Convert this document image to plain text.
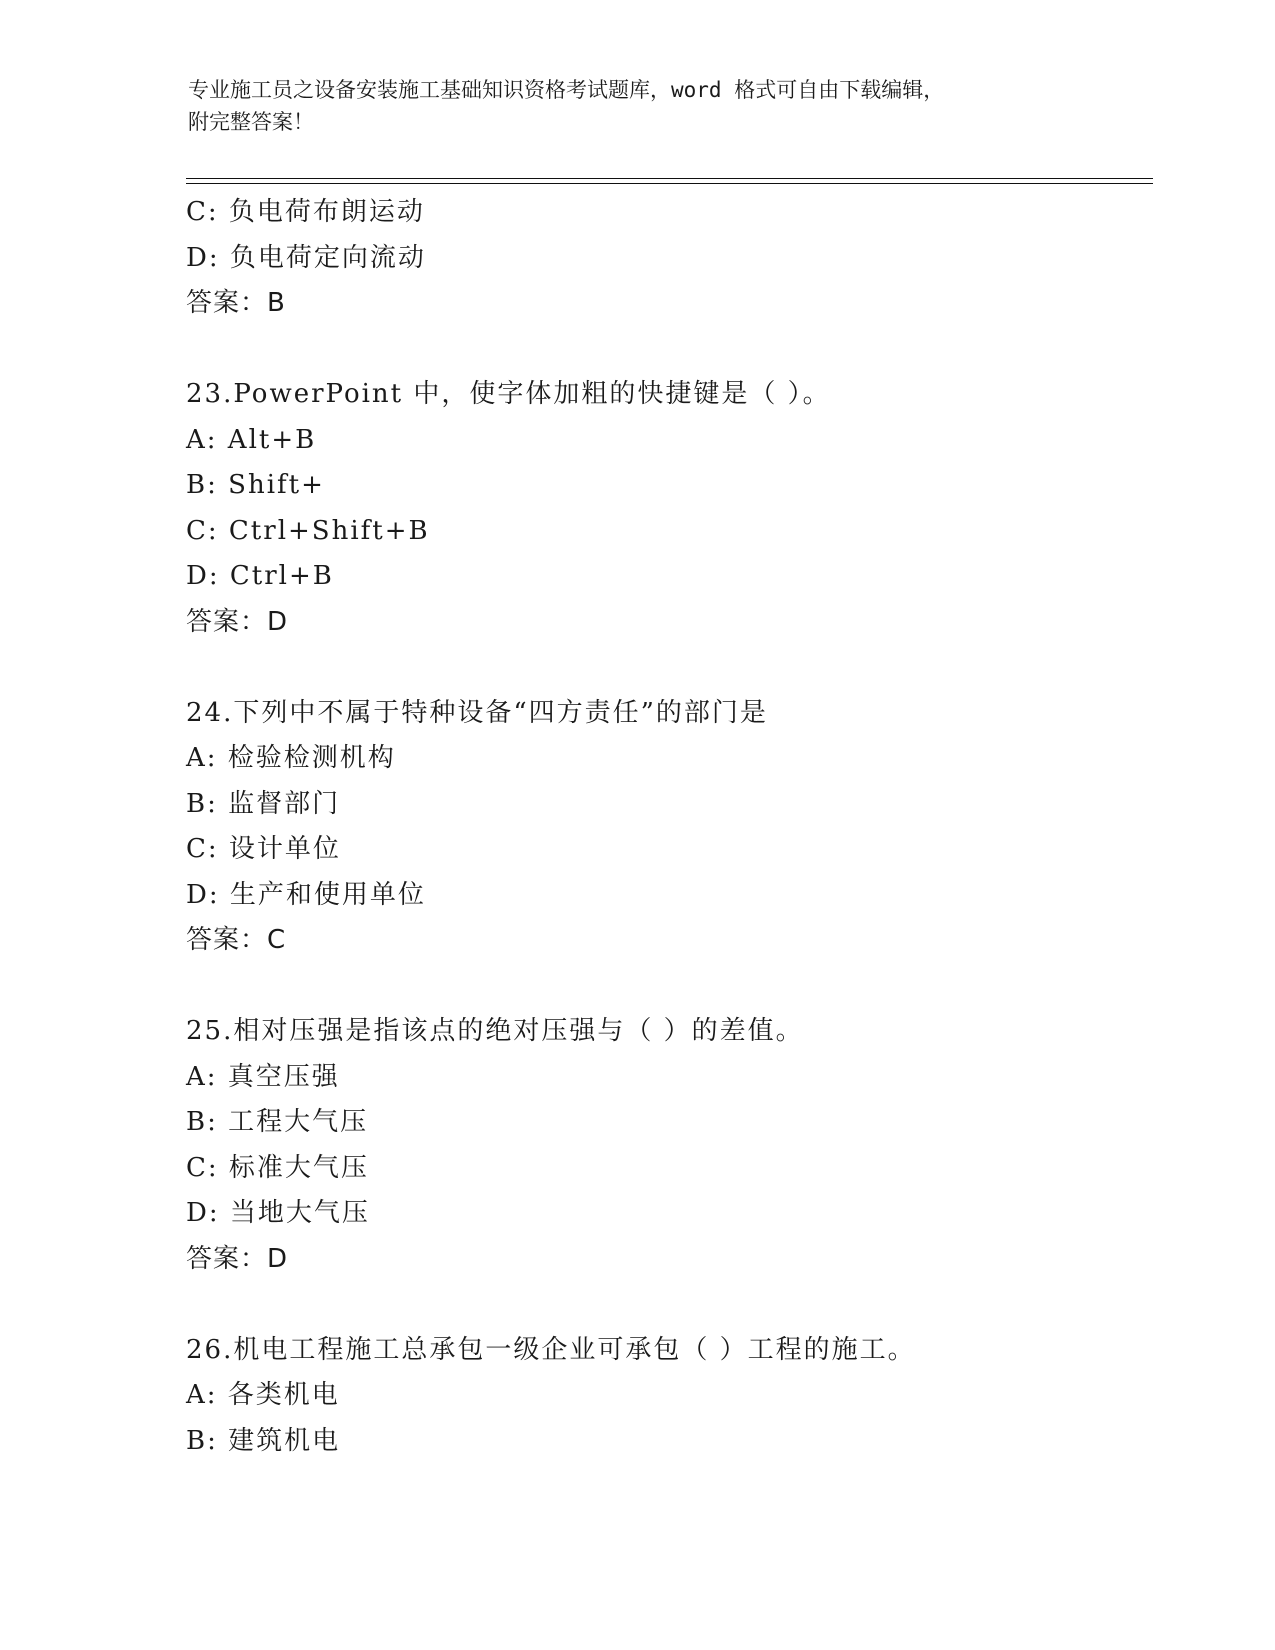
专业施工员之设备安装施工基础知识资格考试题库，word 格式可自由下载编辑，

附完整答案！

C: 负电荷布朗运动
D: 负电荷定向流动
答案：B
23.PowerPoint 中，使字体加粗的快捷键是（ ）。
A: Alt+B
B: Shift+
C: Ctrl+Shift+B
D: Ctrl+B
答案：D
24.下列中不属于特种设备“四方责任”的部门是
A: 检验检测机构
B: 监督部门
C: 设计单位
D: 生产和使用单位
答案：C
25.相对压强是指该点的绝对压强与（ ）的差值。
A: 真空压强
B: 工程大气压
C: 标准大气压
D: 当地大气压
答案：D
26.机电工程施工总承包一级企业可承包（ ）工程的施工。
A: 各类机电
B: 建筑机电
